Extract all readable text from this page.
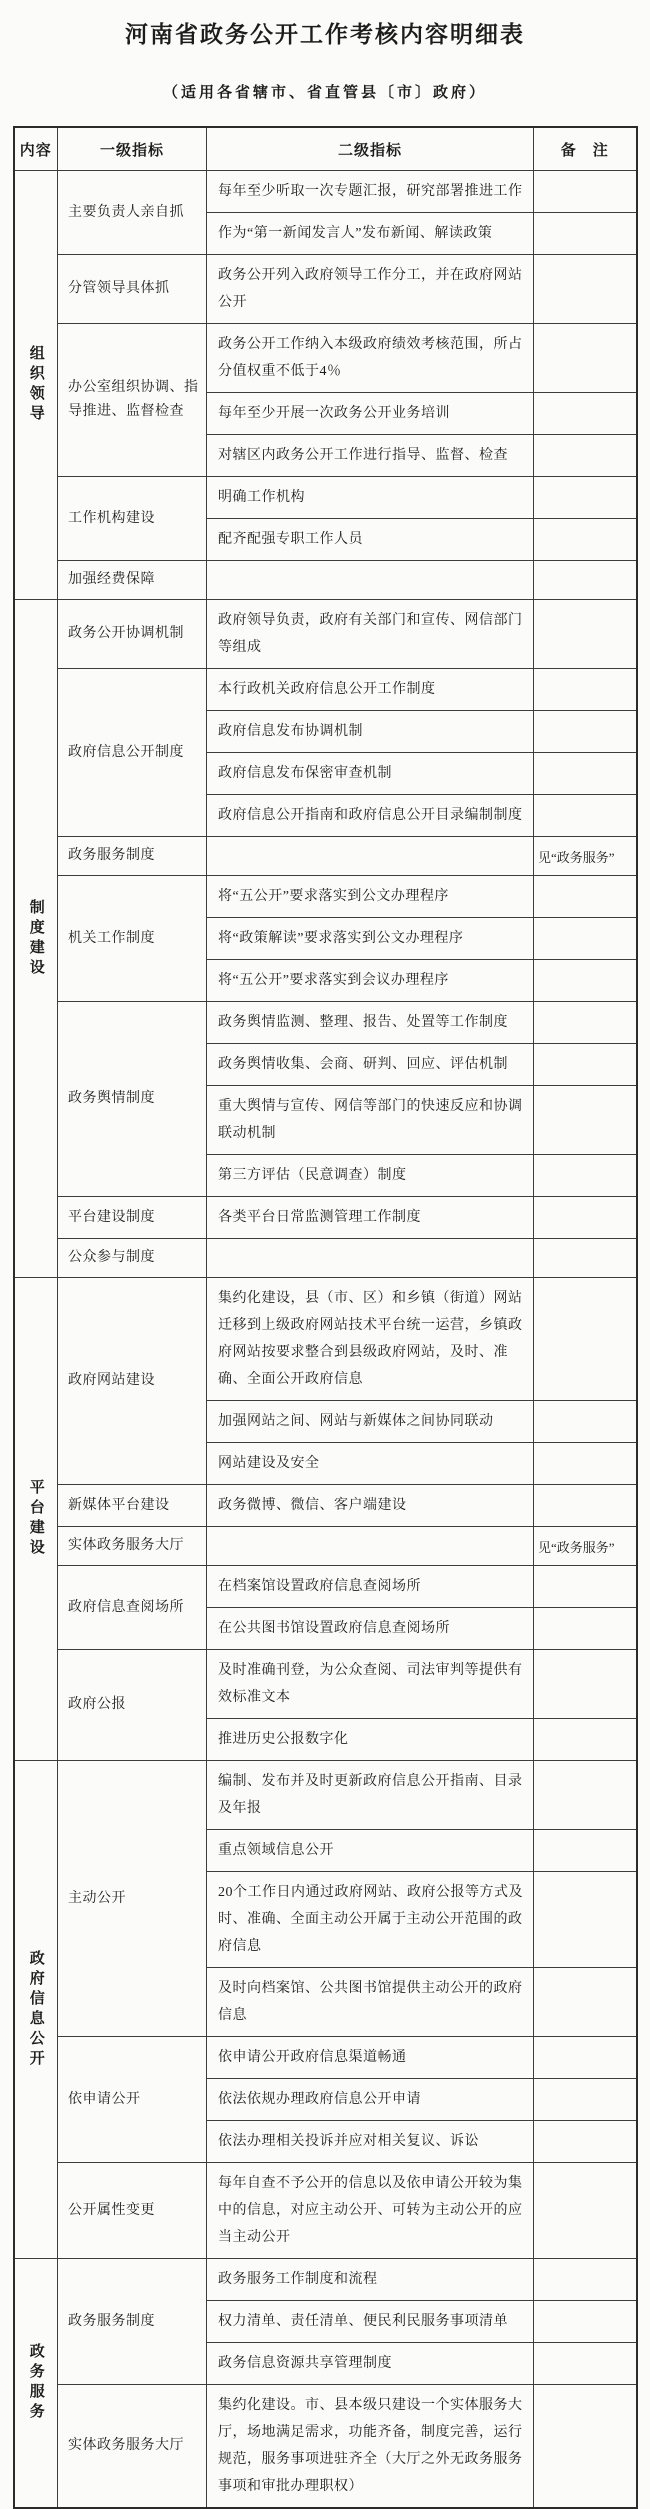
河南省政务公开工作考核内容明细表
（适用各省辖市、省直管县〔市〕政府）
内容	一级指标	二级指标	备　注

组织领导	主要负责人亲自抓	每年至少听取一次专题汇报，研究部署推进工作	
		作为“第一新闻发言人”发布新闻、解读政策	
	分管领导具体抓	政务公开列入政府领导工作分工，并在政府网站公开	
	办公室组织协调、指导推进、监督检查	政务公开工作纳入本级政府绩效考核范围，所占分值权重不低于4％	
		每年至少开展一次政务公开业务培训	
		对辖区内政务公开工作进行指导、监督、检查	
	工作机构建设	明确工作机构	
		配齐配强专职工作人员	
	加强经费保障		

制度建设	政务公开协调机制	政府领导负责，政府有关部门和宣传、网信部门等组成	
	政府信息公开制度	本行政机关政府信息公开工作制度	
		政府信息发布协调机制	
		政府信息发布保密审查机制	
		政府信息公开指南和政府信息公开目录编制制度	
	政务服务制度		见“政务服务”
	机关工作制度	将“五公开”要求落实到公文办理程序	
		将“政策解读”要求落实到公文办理程序	
		将“五公开”要求落实到会议办理程序	
	政务舆情制度	政务舆情监测、整理、报告、处置等工作制度	
		政务舆情收集、会商、研判、回应、评估机制	
		重大舆情与宣传、网信等部门的快速反应和协调联动机制	
		第三方评估（民意调查）制度	
	平台建设制度	各类平台日常监测管理工作制度	
	公众参与制度		

平台建设	政府网站建设	集约化建设，县（市、区）和乡镇（街道）网站迁移到上级政府网站技术平台统一运营，乡镇政府网站按要求整合到县级政府网站，及时、准确、全面公开政府信息	
		加强网站之间、网站与新媒体之间协同联动	
		网站建设及安全	
	新媒体平台建设	政务微博、微信、客户端建设	
	实体政务服务大厅		见“政务服务”
	政府信息查阅场所	在档案馆设置政府信息查阅场所	
		在公共图书馆设置政府信息查阅场所	
	政府公报	及时准确刊登，为公众查阅、司法审判等提供有效标准文本	
		推进历史公报数字化	

政府信息公开	主动公开	编制、发布并及时更新政府信息公开指南、目录及年报	
		重点领域信息公开	
		20个工作日内通过政府网站、政府公报等方式及时、准确、全面主动公开属于主动公开范围的政府信息	
		及时向档案馆、公共图书馆提供主动公开的政府信息	
	依申请公开	依申请公开政府信息渠道畅通	
		依法依规办理政府信息公开申请	
		依法办理相关投诉并应对相关复议、诉讼	
	公开属性变更	每年自查不予公开的信息以及依申请公开较为集中的信息，对应主动公开、可转为主动公开的应当主动公开	

政务服务	政务服务制度	政务服务工作制度和流程	
		权力清单、责任清单、便民利民服务事项清单	
		政务信息资源共享管理制度	
	实体政务服务大厅	集约化建设。市、县本级只建设一个实体服务大厅，场地满足需求，功能齐备，制度完善，运行规范，服务事项进驻齐全（大厅之外无政务服务事项和审批办理职权）	
